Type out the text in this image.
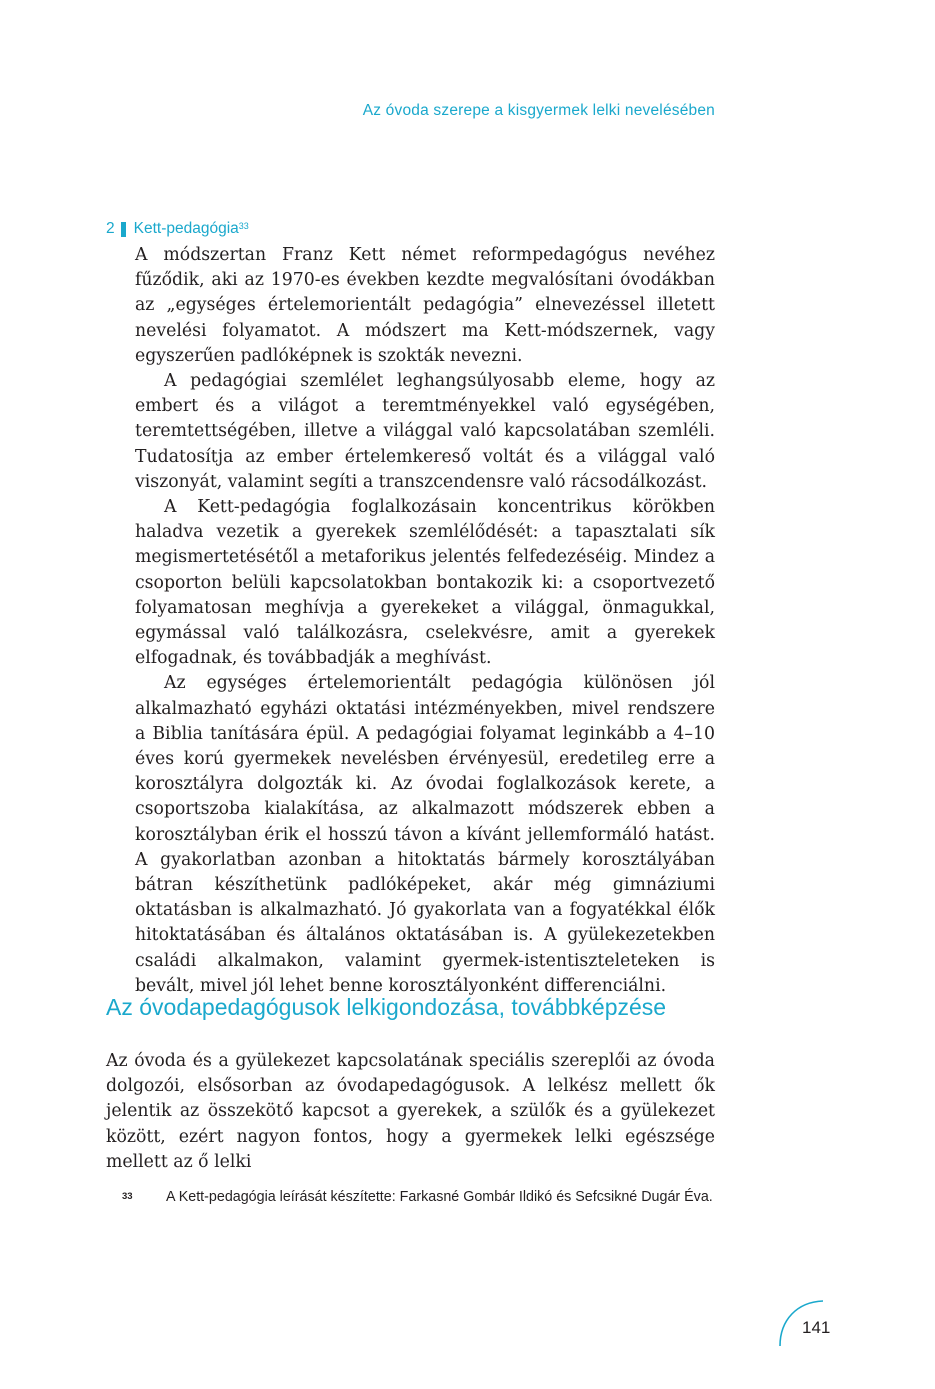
Az óvoda szerepe a kisgyermek lelki nevelésében
2 Kett-pedagógia$^{33}$

A módszertan Franz Kett német reformpedagógus nevéhez fűződik, aki az 1970-es években kezdte megvalósítani óvodákban az „egységes értelemorientált pedagógia” elnevezéssel illetett nevelési folyamatot. A módszert ma Kett-módszernek, vagy egyszerűen padlóképnek is szokták nevezni.

A pedagógiai szemlélet leghangsúlyosabb eleme, hogy az embert és a világot a teremtményekkel való egységében, teremtettségében, illetve a világgal való kapcsolatában szemléli. Tudatosítja az ember értelemkereső voltát és a világgal való viszonyát, valamint segíti a transzcendensre való rácsodálkozást.

A Kett-pedagógia foglalkozásain koncentrikus körökben haladva vezetik a gyerekek szemlélődését: a tapasztalati sík megismertetésétől a metaforikus jelentés felfedezéséig. Mindez a csoporton belüli kapcsolatokban bontakozik ki: a csoportvezető folyamatosan meghívja a gyerekeket a világgal, önmagukkal, egymással való találkozásra, cselekvésre, amit a gyerekek elfogadnak, és továbbadják a meghívást.

Az egységes értelemorientált pedagógia különösen jól alkalmazható egyházi oktatási intézményekben, mivel rendszere a Biblia tanítására épül. A pedagógiai folyamat leginkább a 4–10 éves korú gyermekek nevelésben érvényesül, eredetileg erre a korosztályra dolgozták ki. Az óvodai foglalkozások kerete, a csoportszoba kialakítása, az alkalmazott módszerek ebben a korosztályban érik el hosszú távon a kívánt jellemformáló hatást. A gyakorlatban azonban a hitoktatás bármely korosztályában bátran készíthetünk padlóképeket, akár még gimnáziumi oktatásban is alkalmazható. Jó gyakorlata van a fogyatékkal élők hitoktatásában és általános oktatásában is. A gyülekezetekben családi alkalmakon, valamint gyermek-istentiszteleteken is bevált, mivel jól lehet benne korosztályonként differenciálni.

Az óvodapedagógusok lelkigondozása, továbbképzése

Az óvoda és a gyülekezet kapcsolatának speciális szereplői az óvoda dolgozói, elsősorban az óvodapedagógusok. A lelkész mellett ők jelentik az összekötő kapcsot a gyerekek, a szülők és a gyülekezet között, ezért nagyon fontos, hogy a gyermekek lelki egészsége mellett az ő lelki

33 A Kett-pedagógia leírását készítette: Farkasné Gombár Ildikó és Sefcsikné Dugár Éva.
141
